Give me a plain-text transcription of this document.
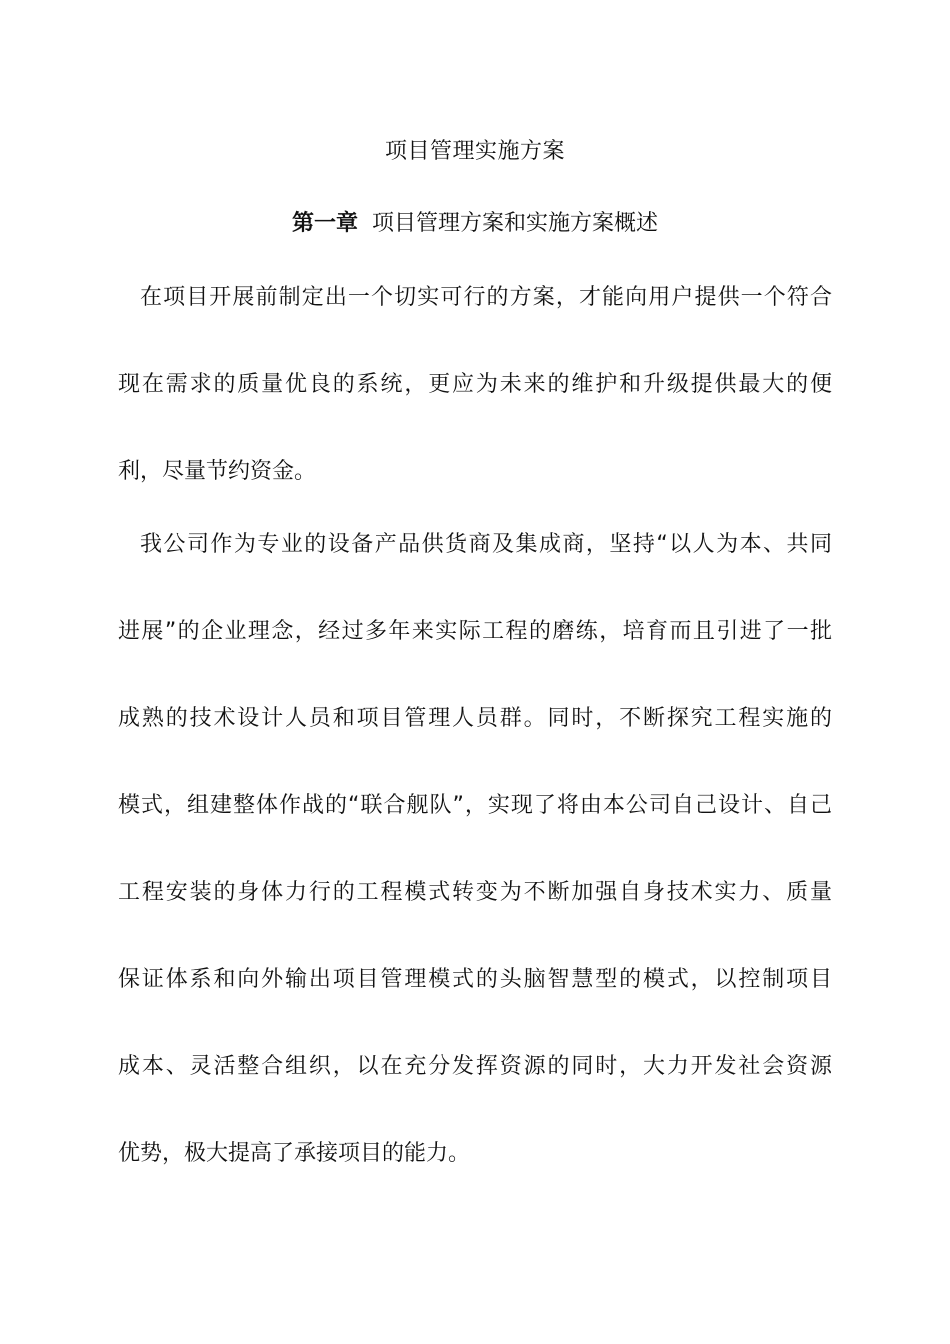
项目管理实施方案
第一章 项目管理方案和实施方案概述
在项目开展前制定出一个切实可行的方案，才能向用户提供一个符合
现在需求的质量优良的系统，更应为未来的维护和升级提供最大的便
利，尽量节约资金。
我公司作为专业的设备产品供货商及集成商，坚持“以人为本、共同
进展”的企业理念，经过多年来实际工程的磨练，培育而且引进了一批
成熟的技术设计人员和项目管理人员群。同时，不断探究工程实施的
模式，组建整体作战的“联合舰队”，实现了将由本公司自己设计、自己
工程安装的身体力行的工程模式转变为不断加强自身技术实力、质量
保证体系和向外输出项目管理模式的头脑智慧型的模式，以控制项目
成本、灵活整合组织，以在充分发挥资源的同时，大力开发社会资源
优势，极大提高了承接项目的能力。
